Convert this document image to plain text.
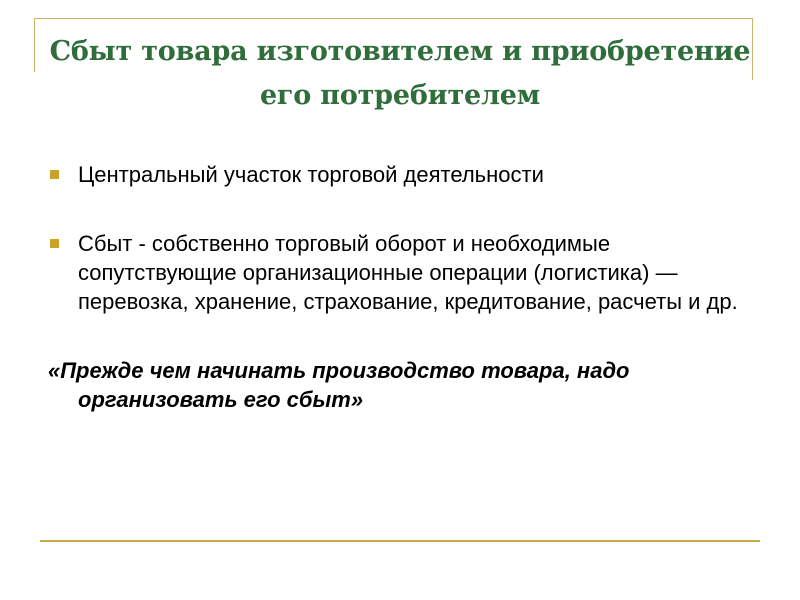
Сбыт товара изготовителем и приобретение его потребителем
Центральный участок торговой деятельности
Сбыт - собственно торговый оборот и необходимые сопутствующие организационные операции (логистика) — перевозка, хранение, страхование, кредитование, расчеты и др.
«Прежде чем начинать производство товара, надо организовать его сбыт»
